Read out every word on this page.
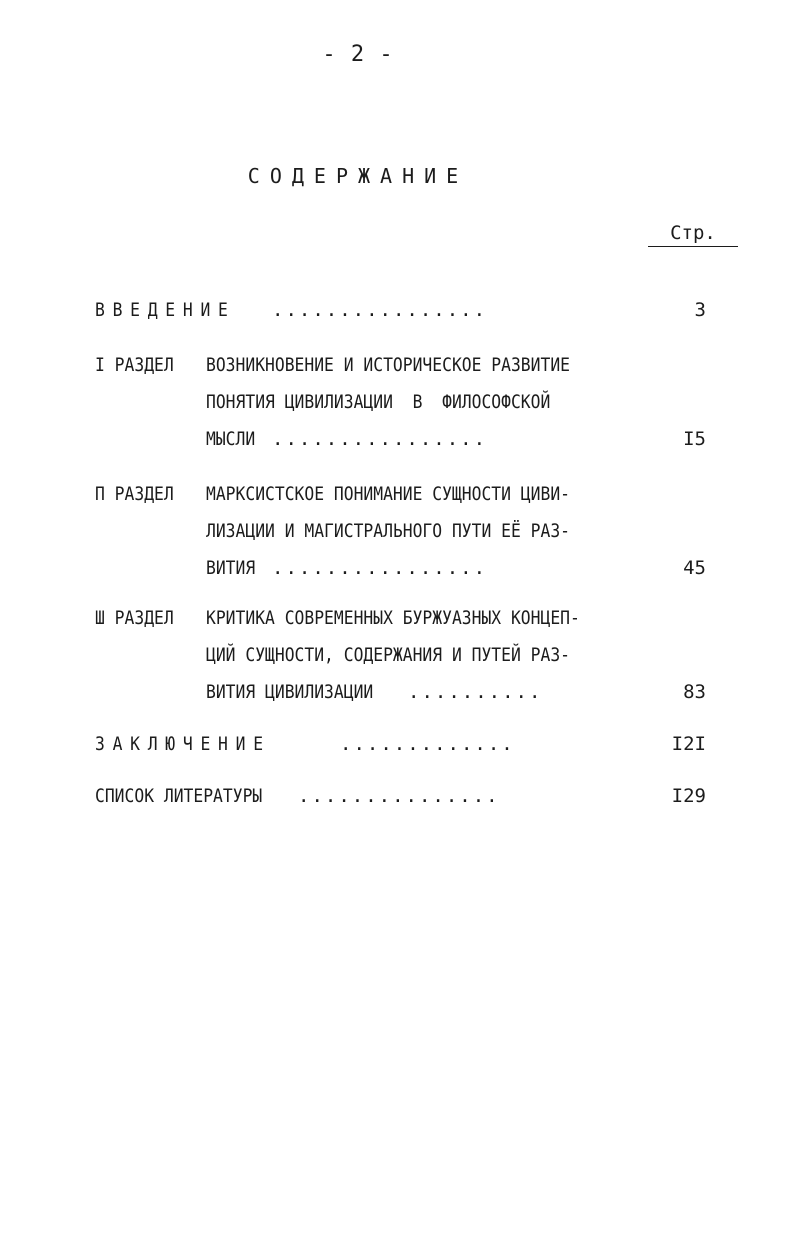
- 2 -
СОДЕРЖАНИЕ
Стр.
ВВЕДЕНИЕ ................	3
I РАЗДЕЛ ВОЗНИКНОВЕНИЕ И ИСТОРИЧЕСКОЕ РАЗВИТИЕ
ПОНЯТИЯ ЦИВИЛИЗАЦИИ  В  ФИЛОСОФСКОЙ
МЫСЛИ ................	I5
П РАЗДЕЛ МАРКСИСТСКОЕ ПОНИМАНИЕ СУЩНОСТИ ЦИВИ-
ЛИЗАЦИИ И МАГИСТРАЛЬНОГО ПУТИ ЕЁ РАЗ-
ВИТИЯ ................	45
Ш РАЗДЕЛ КРИТИКА СОВРЕМЕННЫХ БУРЖУАЗНЫХ КОНЦЕП-
ЦИЙ СУЩНОСТИ, СОДЕРЖАНИЯ И ПУТЕЙ РАЗ-
ВИТИЯ ЦИВИЛИЗАЦИИ ..........	83
ЗАКЛЮЧЕНИЕ	.............	I2I
СПИСОК ЛИТЕРАТУРЫ ...............	I29
